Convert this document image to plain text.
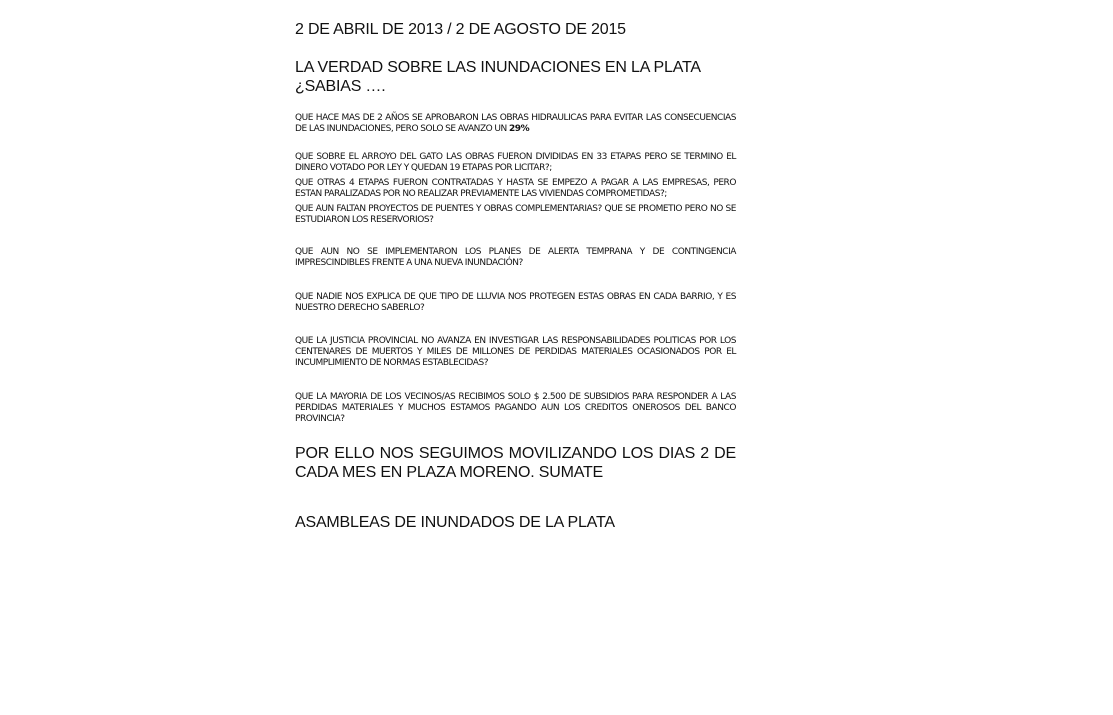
2 DE ABRIL DE 2013 / 2 DE AGOSTO DE 2015

LA VERDAD SOBRE LAS INUNDACIONES EN LA PLATA

¿SABIAS ….

QUE HACE MAS DE 2 AÑOS SE APROBARON LAS OBRAS HIDRAULICAS PARA EVITAR LAS CONSECUENCIAS DE LAS INUNDACIONES, PERO SOLO SE AVANZO UN 29%

QUE SOBRE EL ARROYO DEL GATO LAS OBRAS FUERON DIVIDIDAS EN 33 ETAPAS PERO SE TERMINO EL DINERO VOTADO POR LEY Y QUEDAN 19 ETAPAS POR LICITAR?;

QUE OTRAS 4 ETAPAS FUERON CONTRATADAS Y HASTA SE EMPEZO A PAGAR A LAS EMPRESAS, PERO ESTAN PARALIZADAS POR NO REALIZAR PREVIAMENTE LAS VIVIENDAS COMPROMETIDAS?;

QUE AUN FALTAN PROYECTOS DE PUENTES Y OBRAS COMPLEMENTARIAS? QUE SE PROMETIO PERO NO SE ESTUDIARON LOS RESERVORIOS?

QUE AUN NO SE IMPLEMENTARON LOS PLANES DE ALERTA TEMPRANA Y DE CONTINGENCIA IMPRESCINDIBLES FRENTE A UNA NUEVA INUNDACIÓN?

QUE NADIE NOS EXPLICA DE QUE TIPO DE LLUVIA NOS PROTEGEN ESTAS OBRAS EN CADA BARRIO, Y ES NUESTRO DERECHO SABERLO?

QUE LA JUSTICIA PROVINCIAL NO AVANZA EN INVESTIGAR LAS RESPONSABILIDADES POLITICAS POR LOS CENTENARES DE MUERTOS Y MILES DE MILLONES DE PERDIDAS MATERIALES OCASIONADOS POR EL INCUMPLIMIENTO DE NORMAS ESTABLECIDAS?

QUE LA MAYORIA DE LOS VECINOS/AS RECIBIMOS SOLO $ 2.500 DE SUBSIDIOS PARA RESPONDER A LAS PERDIDAS MATERIALES Y MUCHOS ESTAMOS PAGANDO AUN LOS CREDITOS ONEROSOS DEL BANCO PROVINCIA?

POR ELLO NOS SEGUIMOS MOVILIZANDO LOS DIAS 2 DE CADA MES EN PLAZA MORENO. SUMATE

ASAMBLEAS DE INUNDADOS DE LA PLATA
